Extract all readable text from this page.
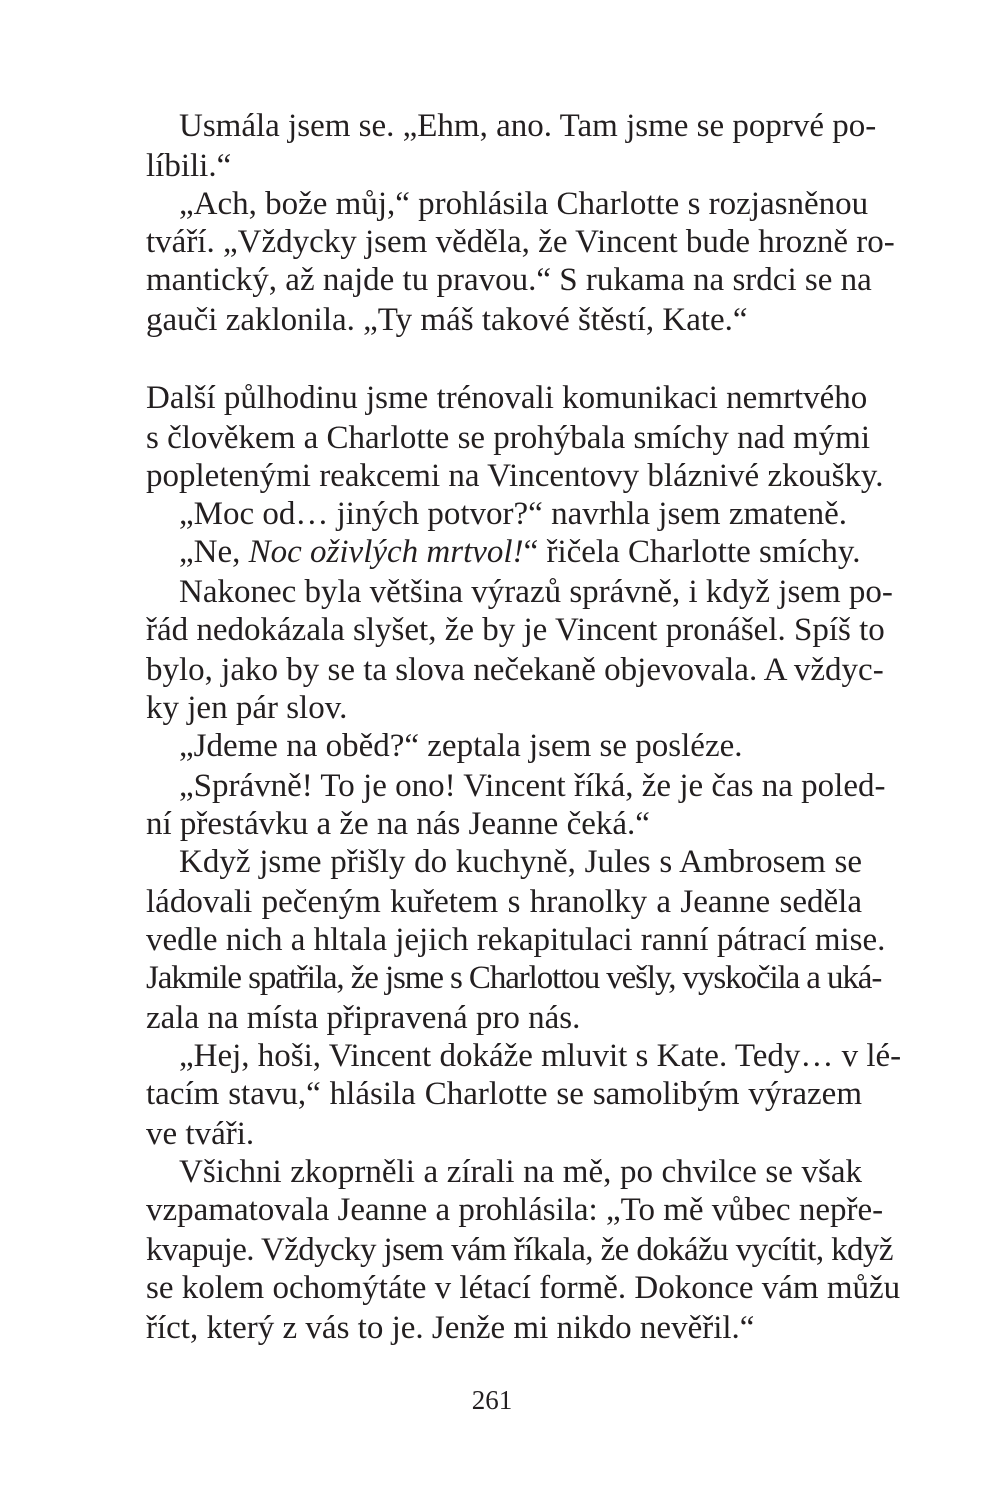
Usmála jsem se. „Ehm, ano. Tam jsme se poprvé po-
líbili.“
„Ach, bože můj,“ prohlásila Charlotte s rozjasněnou
tváří. „Vždycky jsem věděla, že Vincent bude hrozně ro-
mantický, až najde tu pravou.“ S rukama na srdci se na
gauči zaklonila. „Ty máš takové štěstí, Kate.“
Další půlhodinu jsme trénovali komunikaci nemrtvého
s člověkem a Charlotte se prohýbala smíchy nad mými
popletenými reakcemi na Vincentovy bláznivé zkoušky.
„Moc od… jiných potvor?“ navrhla jsem zmateně.
„Ne, Noc oživlých mrtvol!“ řičela Charlotte smíchy.
Nakonec byla většina výrazů správně, i když jsem po-
řád nedokázala slyšet, že by je Vincent pronášel. Spíš to
bylo, jako by se ta slova nečekaně objevovala. A vždyc-
ky jen pár slov.
„Jdeme na oběd?“ zeptala jsem se posléze.
„Správně! To je ono! Vincent říká, že je čas na poled-
ní přestávku a že na nás Jeanne čeká.“
Když jsme přišly do kuchyně, Jules s Ambrosem se
ládovali pečeným kuřetem s hranolky a Jeanne seděla
vedle nich a hltala jejich rekapitulaci ranní pátrací mise.
Jakmile spatřila, že jsme s Charlottou vešly, vyskočila a uká-
zala na místa připravená pro nás.
„Hej, hoši, Vincent dokáže mluvit s Kate. Tedy… v lé-
tacím stavu,“ hlásila Charlotte se samolibým výrazem
ve tváři.
Všichni zkoprněli a zírali na mě, po chvilce se však
vzpamatovala Jeanne a prohlásila: „To mě vůbec nepře-
kvapuje. Vždycky jsem vám říkala, že dokážu vycítit, když
se kolem ochomýtáte v létací formě. Dokonce vám můžu
říct, který z vás to je. Jenže mi nikdo nevěřil.“
261
